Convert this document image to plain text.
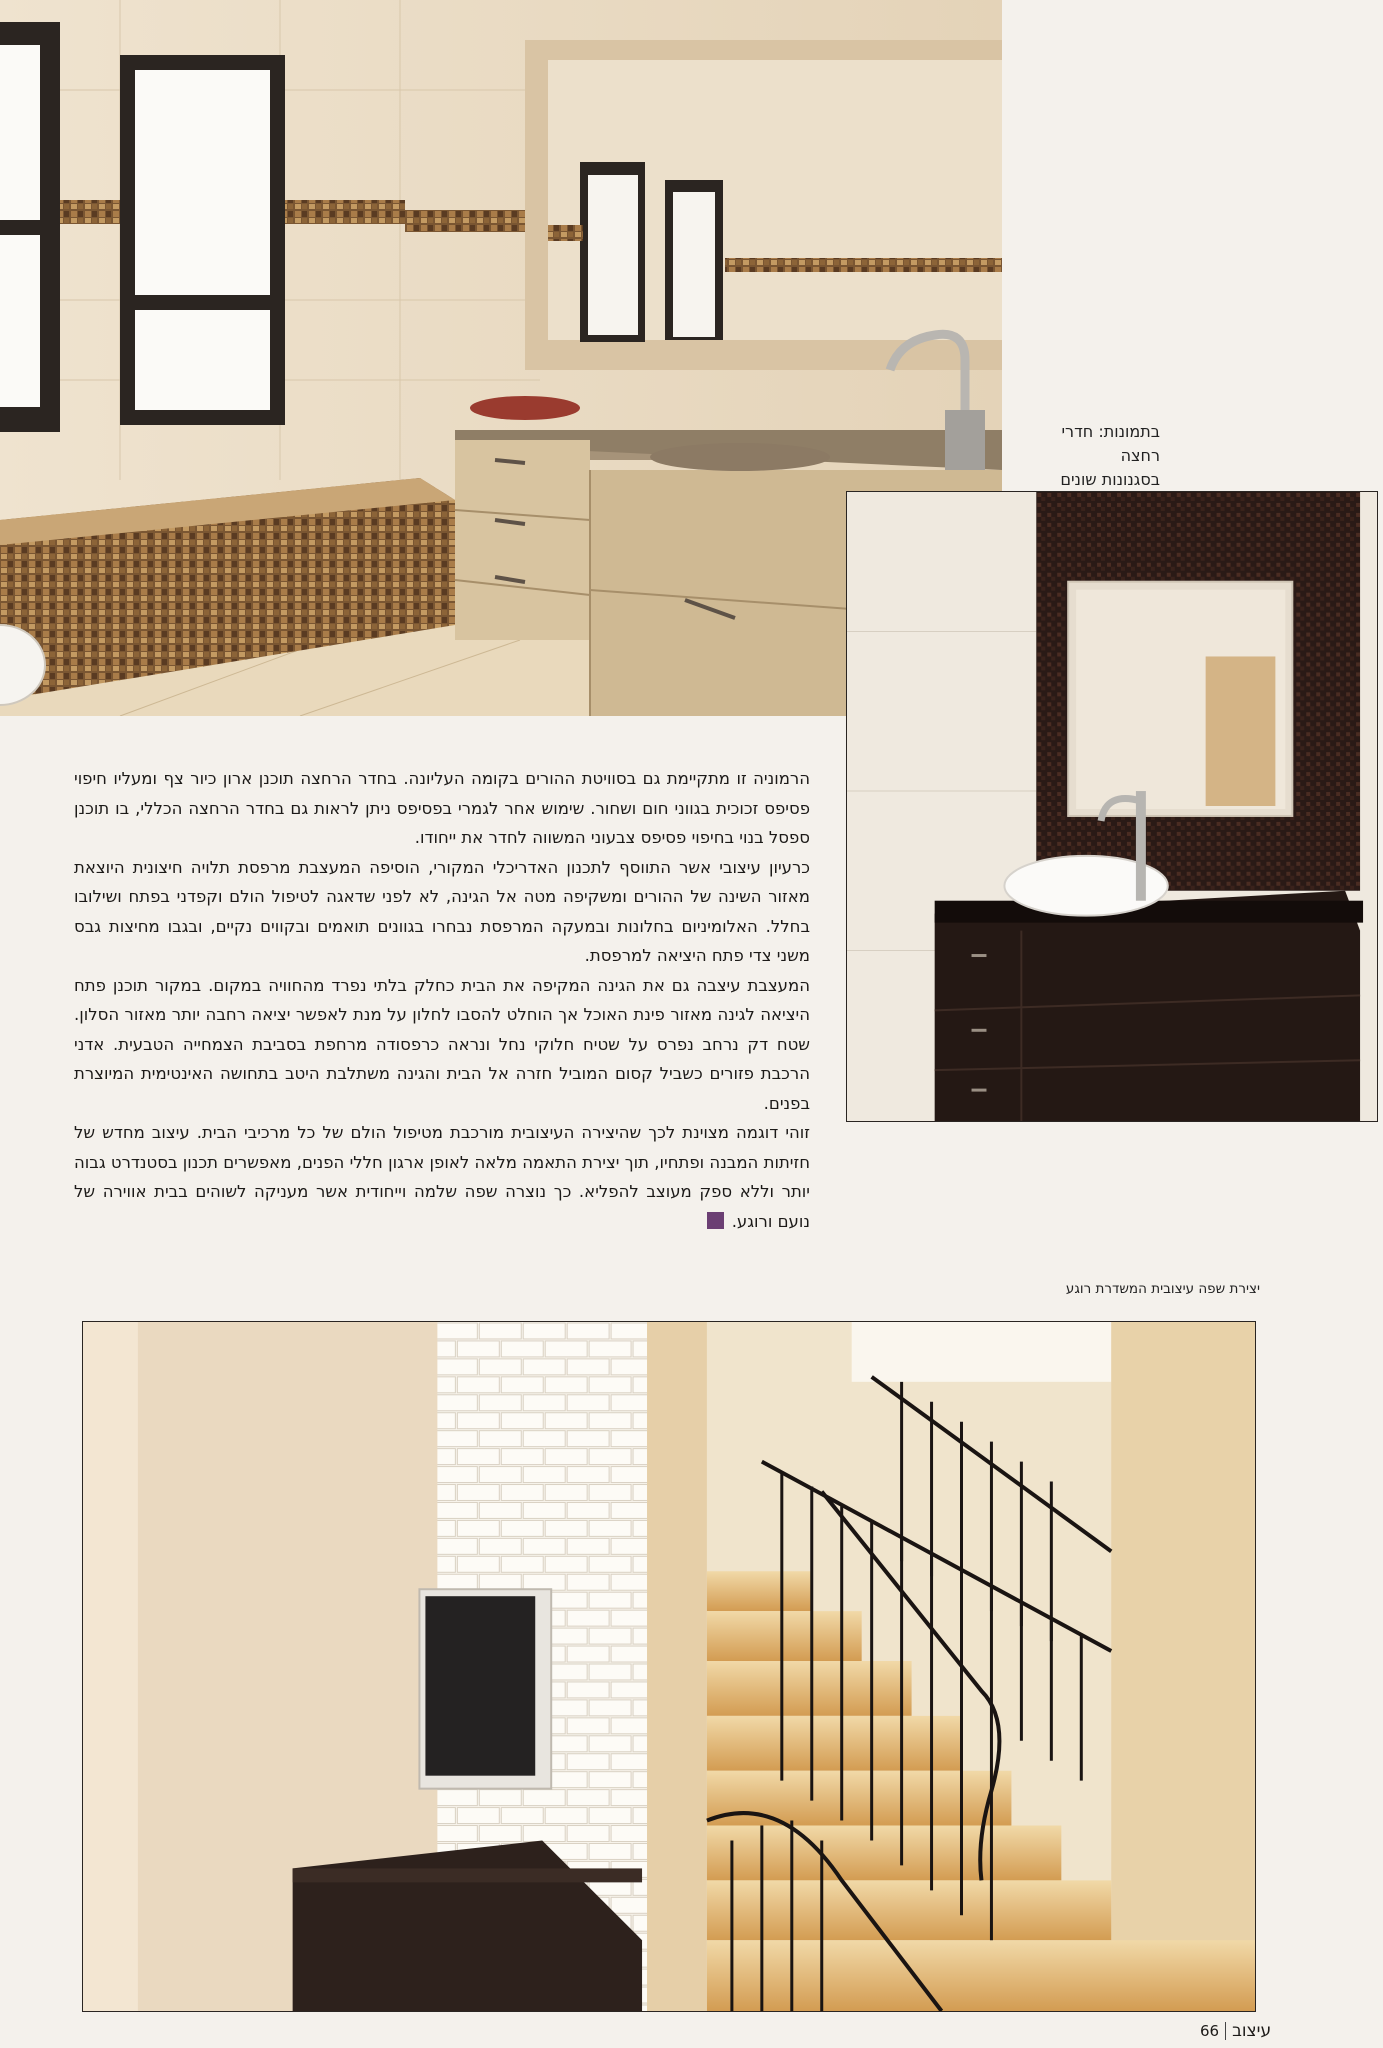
בתמונות: חדרי רחצה
בסגנונות שונים

הרמוניה זו מתקיימת גם בסוויטת ההורים בקומה העליונה. בחדר הרחצה תוכנן ארון כיור צף ומעליו חיפוי פסיפס זכוכית בגווני חום ושחור. שימוש אחר לגמרי בפסיפס ניתן לראות גם בחדר הרחצה הכללי, בו תוכנן ספסל בנוי בחיפוי פסיפס צבעוני המשווה לחדר את ייחודו.

כרעיון עיצובי אשר התווסף לתכנון האדריכלי המקורי, הוסיפה המעצבת מרפסת תלויה חיצונית היוצאת מאזור השינה של ההורים ומשקיפה מטה אל הגינה, לא לפני שדאגה לטיפול הולם וקפדני בפתח ושילובו בחלל. האלומיניום בחלונות ובמעקה המרפסת נבחרו בגוונים תואמים ובקווים נקיים, ובגבו מחיצות גבס משני צדי פתח היציאה למרפסת.

המעצבת עיצבה גם את הגינה המקיפה את הבית כחלק בלתי נפרד מהחוויה במקום. במקור תוכנן פתח היציאה לגינה מאזור פינת האוכל אך הוחלט להסבו לחלון על מנת לאפשר יציאה רחבה יותר מאזור הסלון. שטח דק נרחב נפרס על שטיח חלוקי נחל ונראה כרפסודה מרחפת בסביבת הצמחייה הטבעית. אדני הרכבת פזורים כשביל קסום המוביל חזרה אל הבית והגינה משתלבת היטב בתחושה האינטימית המיוצרת בפנים.

זוהי דוגמה מצוינת לכך שהיצירה העיצובית מורכבת מטיפול הולם של כל מרכיבי הבית. עיצוב מחדש של חזיתות המבנה ופתחיו, תוך יצירת התאמה מלאה לאופן ארגון חללי הפנים, מאפשרים תכנון בסטנדרט גבוה יותר וללא ספק מעוצב להפליא. כך נוצרה שפה שלמה וייחודית אשר מעניקה לשוהים בבית אווירה של נועם ורוגע.

יצירת שפה עיצובית המשדרת רוגע
עיצוב
66
